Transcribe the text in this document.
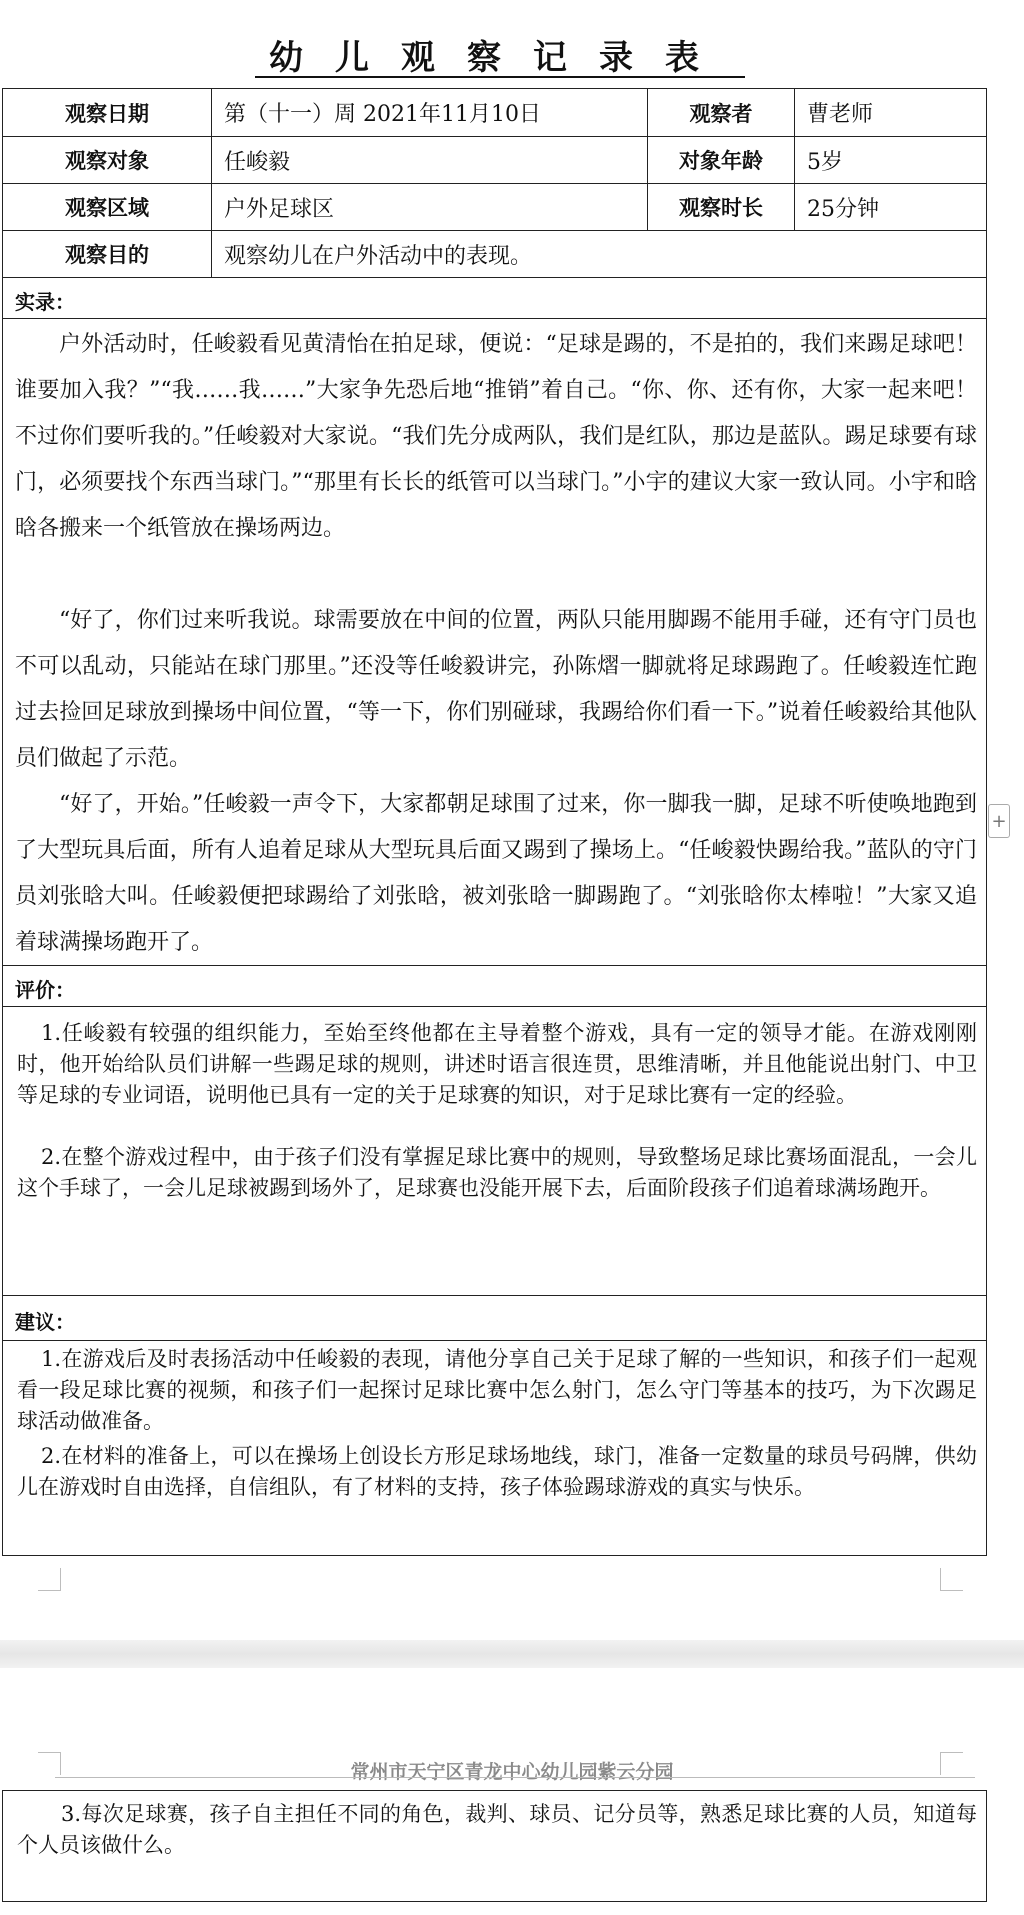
幼儿观察记录表
观察日期	第（十一）周 2021年11月10日	观察者	曹老师
观察对象	任峻毅	对象年龄	5岁
观察区域	户外足球区	观察时长	25分钟
观察目的	观察幼儿在户外活动中的表现。
实录：

户外活动时，任峻毅看见黄清怡在拍足球，便说：“足球是踢的，不是拍的，我们来踢足球吧！谁要加入我？”“我……我……”大家争先恐后地“推销”着自己。“你、你、还有你，大家一起来吧！不过你们要听我的。”任峻毅对大家说。“我们先分成两队，我们是红队，那边是蓝队。踢足球要有球门，必须要找个东西当球门。”“那里有长长的纸管可以当球门。”小宇的建议大家一致认同。小宇和晗晗各搬来一个纸管放在操场两边。

“好了，你们过来听我说。球需要放在中间的位置，两队只能用脚踢不能用手碰，还有守门员也不可以乱动，只能站在球门那里。”还没等任峻毅讲完，孙陈熠一脚就将足球踢跑了。任峻毅连忙跑过去捡回足球放到操场中间位置，“等一下，你们别碰球，我踢给你们看一下。”说着任峻毅给其他队员们做起了示范。

“好了，开始。”任峻毅一声令下，大家都朝足球围了过来，你一脚我一脚，足球不听使唤地跑到了大型玩具后面，所有人追着足球从大型玩具后面又踢到了操场上。“任峻毅快踢给我。”蓝队的守门员刘张晗大叫。任峻毅便把球踢给了刘张晗，被刘张晗一脚踢跑了。“刘张晗你太棒啦！”大家又追着球满操场跑开了。

评价：

1.任峻毅有较强的组织能力，至始至终他都在主导着整个游戏，具有一定的领导才能。在游戏刚刚时，他开始给队员们讲解一些踢足球的规则，讲述时语言很连贯，思维清晰，并且他能说出射门、中卫等足球的专业词语，说明他已具有一定的关于足球赛的知识，对于足球比赛有一定的经验。

2.在整个游戏过程中，由于孩子们没有掌握足球比赛中的规则，导致整场足球比赛场面混乱，一会儿这个手球了，一会儿足球被踢到场外了，足球赛也没能开展下去，后面阶段孩子们追着球满场跑开。

建议：

1.在游戏后及时表扬活动中任峻毅的表现，请他分享自己关于足球了解的一些知识，和孩子们一起观看一段足球比赛的视频，和孩子们一起探讨足球比赛中怎么射门，怎么守门等基本的技巧，为下次踢足球活动做准备。

2.在材料的准备上，可以在操场上创设长方形足球场地线，球门，准备一定数量的球员号码牌，供幼儿在游戏时自由选择，自信组队，有了材料的支持，孩子体验踢球游戏的真实与快乐。

常州市天宁区青龙中心幼儿园紫云分园

3.每次足球赛，孩子自主担任不同的角色，裁判、球员、记分员等，熟悉足球比赛的人员，知道每个人员该做什么。

+
